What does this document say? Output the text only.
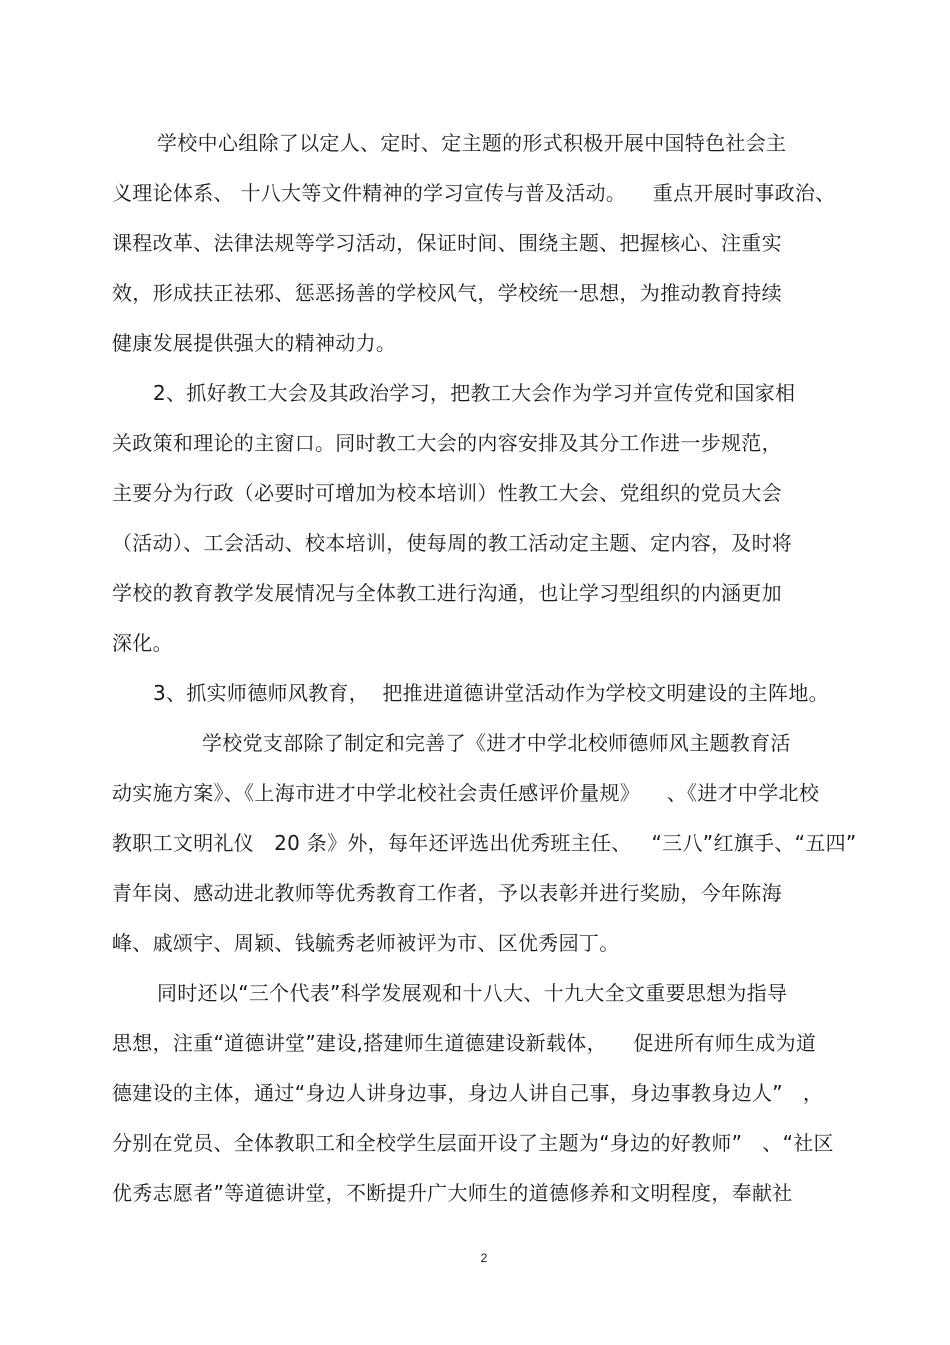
学校中心组除了以定人、定时、定主题的形式积极开展中国特色社会主
义理论体系、 十八大等文件精神的学习宣传与普及活动。    重点开展时事政治、
课程改革、法律法规等学习活动，保证时间、围绕主题、把握核心、注重实
效，形成扶正祛邪、惩恶扬善的学校风气，学校统一思想，为推动教育持续
健康发展提供强大的精神动力。
2、抓好教工大会及其政治学习，把教工大会作为学习并宣传党和国家相
关政策和理论的主窗口。同时教工大会的内容安排及其分工作进一步规范，
主要分为行政（必要时可增加为校本培训）性教工大会、党组织的党员大会
（活动）、工会活动、校本培训，使每周的教工活动定主题、定内容，及时将
学校的教育教学发展情况与全体教工进行沟通，也让学习型组织的内涵更加
深化。
3、抓实师德师风教育，  把推进道德讲堂活动作为学校文明建设的主阵地。
学校党支部除了制定和完善了《进才中学北校师德师风主题教育活
动实施方案》、《上海市进才中学北校社会责任感评价量规》    、《进才中学北校
教职工文明礼仪   20 条》外，每年还评选出优秀班主任、   “三八”红旗手、“五四”
青年岗、感动进北教师等优秀教育工作者，予以表彰并进行奖励，今年陈海
峰、戚颂宇、周颖、钱毓秀老师被评为市、区优秀园丁。
同时还以“三个代表”科学发展观和十八大、十九大全文重要思想为指导
思想，注重“道德讲堂”建设,搭建师生道德建设新载体，    促进所有师生成为道
德建设的主体，通过“身边人讲身边事，身边人讲自己事，身边事教身边人”   ，
分别在党员、全体教职工和全校学生层面开设了主题为“身边的好教师”   、“社区
优秀志愿者”等道德讲堂，不断提升广大师生的道德修养和文明程度，奉献社
2
